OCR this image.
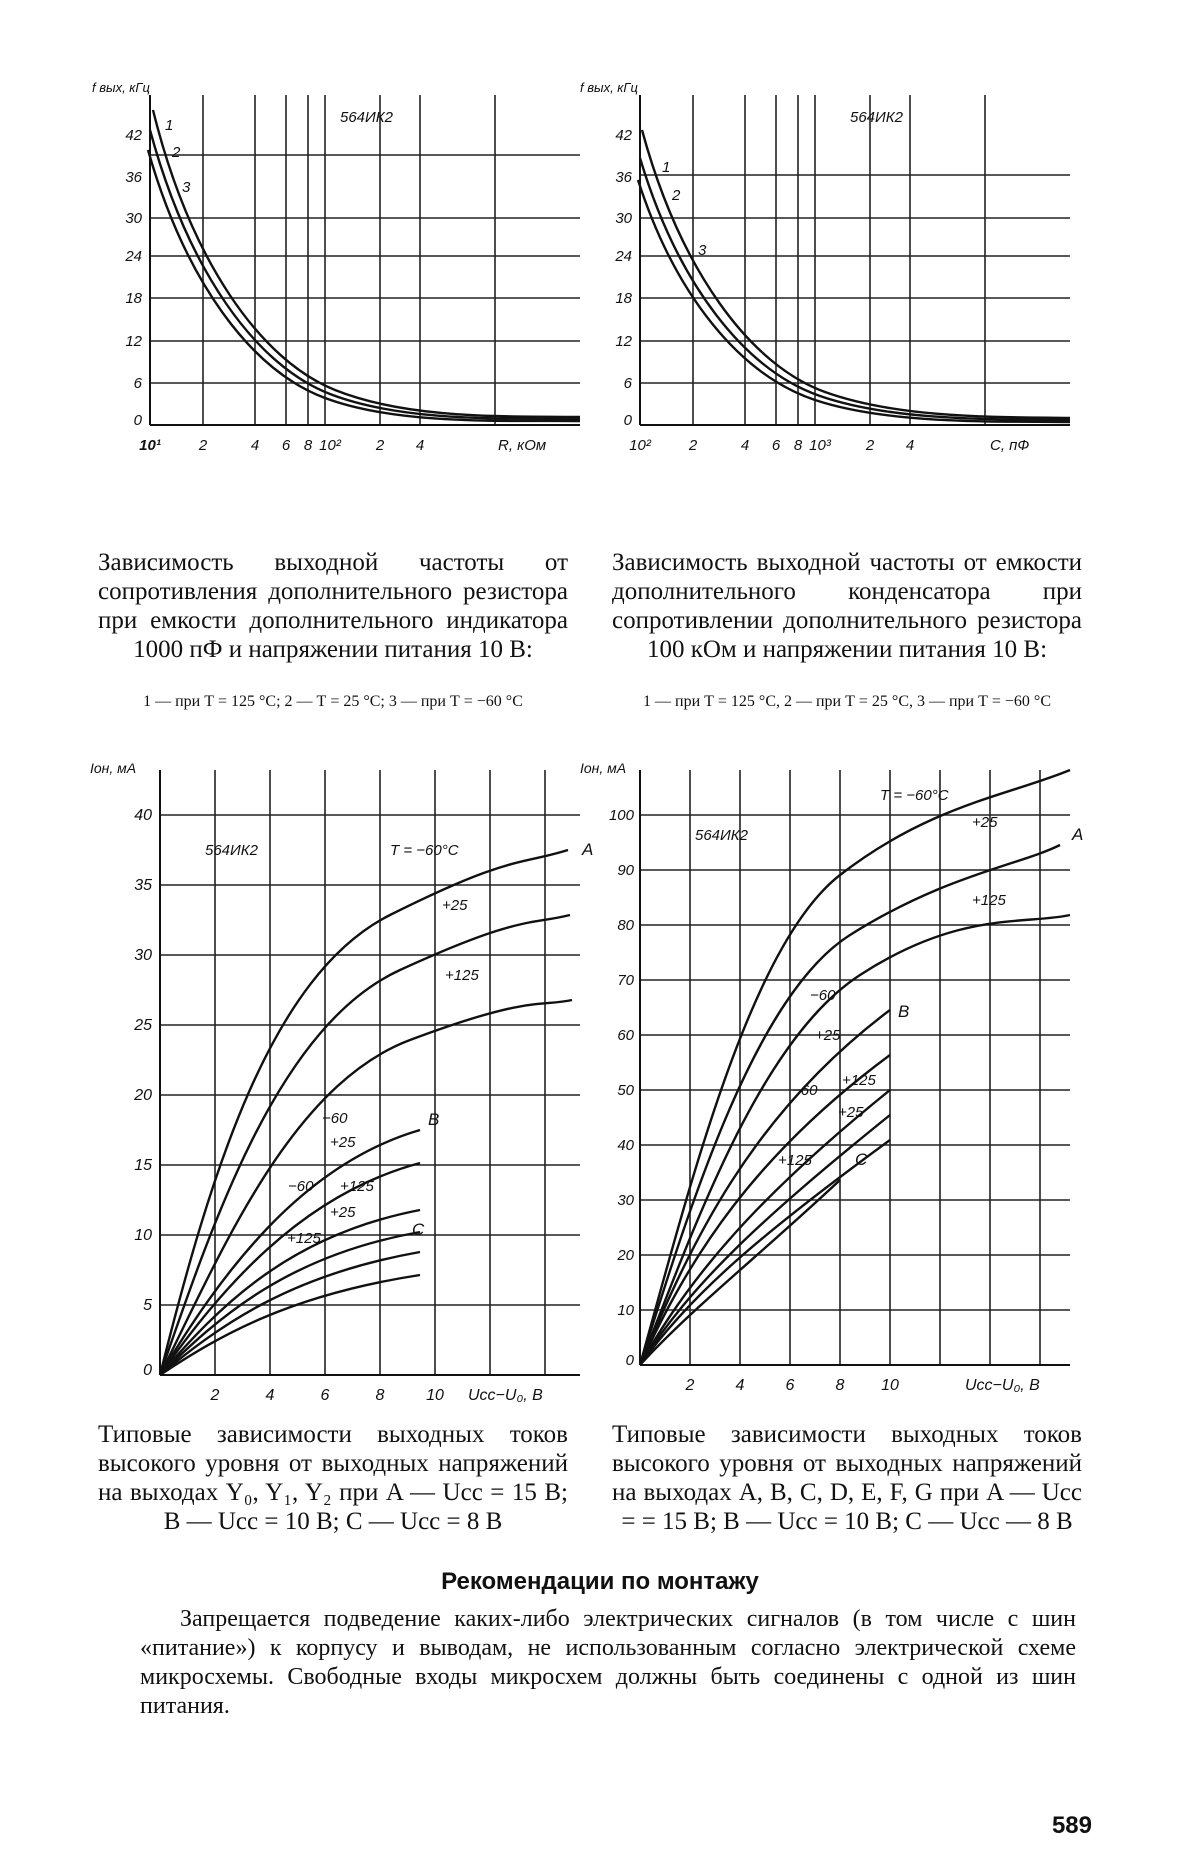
f вых, кГц
564ИК2
R, кОм
42
36
30
24
18
12
6
0
10¹	2	4 6 8 10² 2 4
1
2
3
f вых, кГц
564ИК2
С, пФ
42
36
30
24
18
12
6
0
10²	2	4 6 8 10³ 2 4
1
2
3
Зависимость выходной частоты от сопротивления дополнительного резистора при емкости дополнительного индикатора 1000 пФ и напряжении питания 10 В:
1 — при Т = 125 °С; 2 — Т = 25 °С; 3 — при Т = −60 °С
Зависимость выходной частоты от емкости дополнительного конденсатора при сопротивлении дополнительного резистора 100 кОм и напряжении питания 10 В:
1 — при Т = 125 °С, 2 — при Т = 25 °С, 3 — при Т = −60 °С
Iон, мА
564ИК2
Ucc−U₀, В
40
35
30
25
20
15
10
5
0
2	4	6	8	10
Т = −60°С
+25
+125
−60
+25
−60 +125
+25
+125
A
B
C
Iон, мА
564ИК2
Ucc−U₀, В
100
90
80
70
60
50
40
30
20
10
0
2	4	6	8 10
Т = −60°С
+25
+125
−60
+25
−60
+125
+25
+125
A
B
C
Типовые зависимости выходных токов высокого уровня от выходных напряжений на выходах Y₀, Y₁, Y₂ при A — Ucc = 15 В; B — Ucc = 10 В; C — Ucc = 8 В
Типовые зависимости выходных токов высокого уровня от выходных напряжений на выходах A, B, C, D, E, F, G при A — Ucc = = 15 В; B — Ucc = 10 В; C — Ucc — 8 В
Рекомендации по монтажу
Запрещается подведение каких-либо электрических сигналов (в том числе с шин «питание») к корпусу и выводам, не использованным согласно электрической схеме микросхемы. Свободные входы микросхем должны быть соединены с одной из шин питания.
589
